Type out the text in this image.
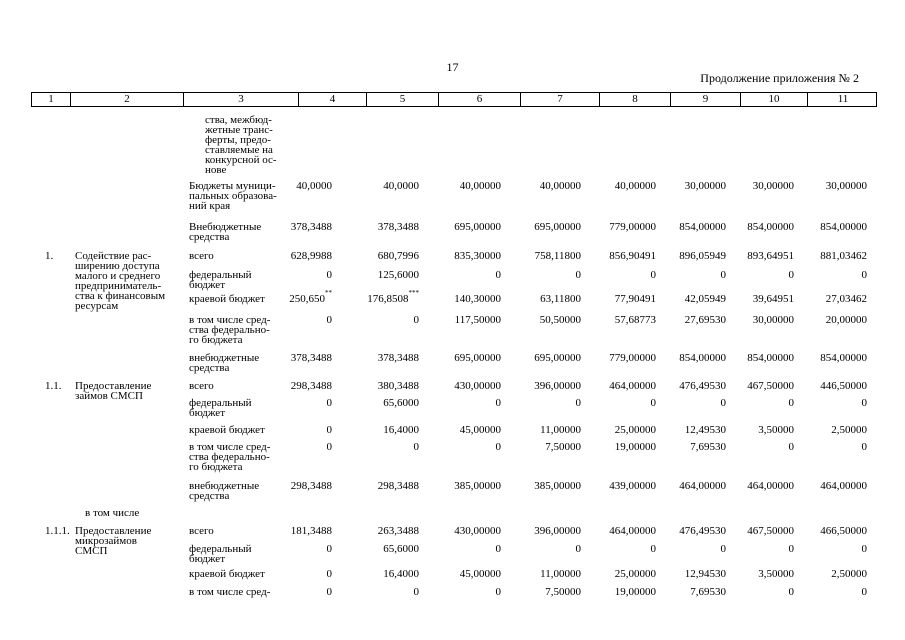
17
Продолжение приложения № 2
1	2	3	4	5	6	7	8	9	10	11
ства, межбюд-
жетные транс-
ферты, предо-
ставляемые на
конкурсной ос-
нове
Бюджеты муници-
пальных образова-
ний края
40,0000	40,0000	40,00000	40,00000	40,00000	30,00000 30,00000	30,00000
Внебюджетные
средства
378,3488	378,3488	695,00000	695,00000	779,00000 854,00000 854,00000 854,00000
1. Содействие рас-
ширению доступа
малого и среднего
предприниматель-
ства к финансовым
ресурсам
всего	628,9988	680,7996	835,30000	758,11800	856,90491 896,05949 893,64951 881,03462
федеральный
бюджет
0	125,6000	0	0	0	0	0	0
краевой бюджет 250,650**	176,8508***	140,30000	63,11800	77,90491	42,05949 39,64951	27,03462
в том числе сред-
ства федерально-
го бюджета
0	0	117,50000	50,50000	57,68773	27,69530 30,00000	20,00000
внебюджетные
средства
378,3488	378,3488	695,00000	695,00000	779,00000 854,00000 854,00000 854,00000
1.1. Предоставление
займов СМСП
всего	298,3488	380,3488	430,00000	396,00000	464,00000 476,49530 467,50000 446,50000
федеральный
бюджет
0	65,6000	0	0	0	0	0	0
краевой бюджет	0	16,4000	45,00000	11,00000	25,00000	12,49530	3,50000	2,50000
в том числе сред-
ства федерально-
го бюджета
0	0	0	7,50000	19,00000	7,69530	0	0
внебюджетные
средства
298,3488	298,3488	385,00000	385,00000	439,00000 464,00000 464,00000 464,00000
в том числе
1.1.1. Предоставление
микрозаймов
СМСП
всего	181,3488	263,3488	430,00000	396,00000	464,00000 476,49530 467,50000 466,50000
федеральный
бюджет
0	65,6000	0	0	0	0	0	0
краевой бюджет	0	16,4000	45,00000	11,00000	25,00000	12,94530	3,50000	2,50000
в том числе сред-	0	0	0	7,50000	19,00000	7,69530	0	0
